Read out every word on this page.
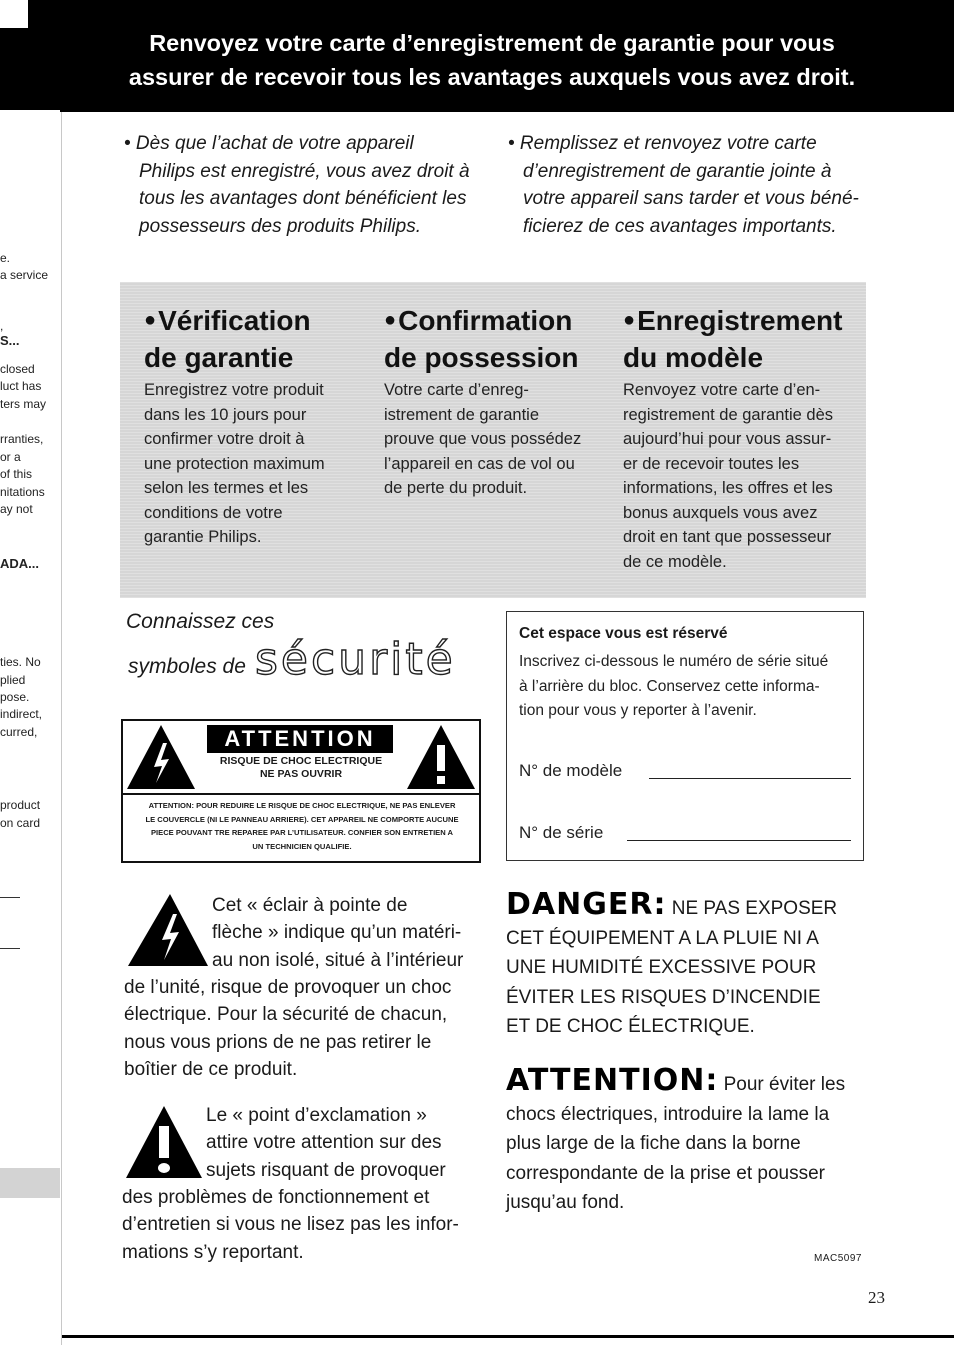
e.
a service
,
S...
closed
luct has
ters may
rranties,
or a
of this
nitations
ay not
ADA...
ties. No
plied
pose.
indirect,
curred,
product
on card
Renvoyez votre carte d’enregistrement de garantie pour vous
assurer de recevoir tous les avantages auxquels vous avez droit.
• Dès que l’achat de votre appareil
Philips est enregistré, vous avez droit à
tous les avantages dont bénéficient les
possesseurs des produits Philips.
• Remplissez et renvoyez votre carte
d’enregistrement de garantie jointe à
votre appareil sans tarder et vous béné-
ficierez de ces avantages importants.
●Vérification
de garantie
Enregistrez votre produit
dans les 10 jours pour
confirmer votre droit à
une protection maximum
selon les termes et les
conditions de votre
garantie Philips.
●Confirmation
de possession
Votre carte d’enreg-
istrement de garantie
prouve que vous possédez
l’appareil en cas de vol ou
de perte du produit.
●Enregistrement
du modèle
Renvoyez votre carte d’en-
registrement de garantie dès
aujourd’hui pour vous assur-
er de recevoir toutes les
informations, les offres et les
bonus auxquels vous avez
droit en tant que possesseur
de ce modèle.
Connaissez ces
symboles de sécurité
ATTENTION
RISQUE DE CHOC ELECTRIQUE
NE PAS OUVRIR
ATTENTION: POUR REDUIRE LE RISQUE DE CHOC ELECTRIQUE, NE PAS ENLEVER
LE COUVERCLE (NI LE PANNEAU ARRIERE). CET APPAREIL NE COMPORTE AUCUNE
PIECE POUVANT TRE REPAREE PAR L’UTILISATEUR. CONFIER SON ENTRETIEN A
UN TECHNICIEN QUALIFIE.
Cet espace vous est réservé
Inscrivez ci-dessous le numéro de série situé
à l’arrière du bloc. Conservez cette informa-
tion pour vous y reporter à l’avenir.
N° de modèle
N° de série
Cet « éclair à pointe de
flèche » indique qu’un matéri-
au non isolé, situé à l’intérieur
de l’unité, risque de provoquer un choc
électrique. Pour la sécurité de chacun,
nous vous prions de ne pas retirer le
boîtier de ce produit.
Le « point d’exclamation »
attire votre attention sur des
sujets risquant de provoquer
des problèmes de fonctionnement et
d’entretien si vous ne lisez pas les infor-
mations s’y reportant.
DANGER: NE PAS EXPOSER
CET ÉQUIPEMENT A LA PLUIE NI A
UNE HUMIDITÉ EXCESSIVE POUR
ÉVITER LES RISQUES D’INCENDIE
ET DE CHOC ÉLECTRIQUE.
ATTENTION: Pour éviter les
chocs électriques, introduire la lame la
plus large de la fiche dans la borne
correspondante de la prise et pousser
jusqu’au fond.
MAC5097
23
